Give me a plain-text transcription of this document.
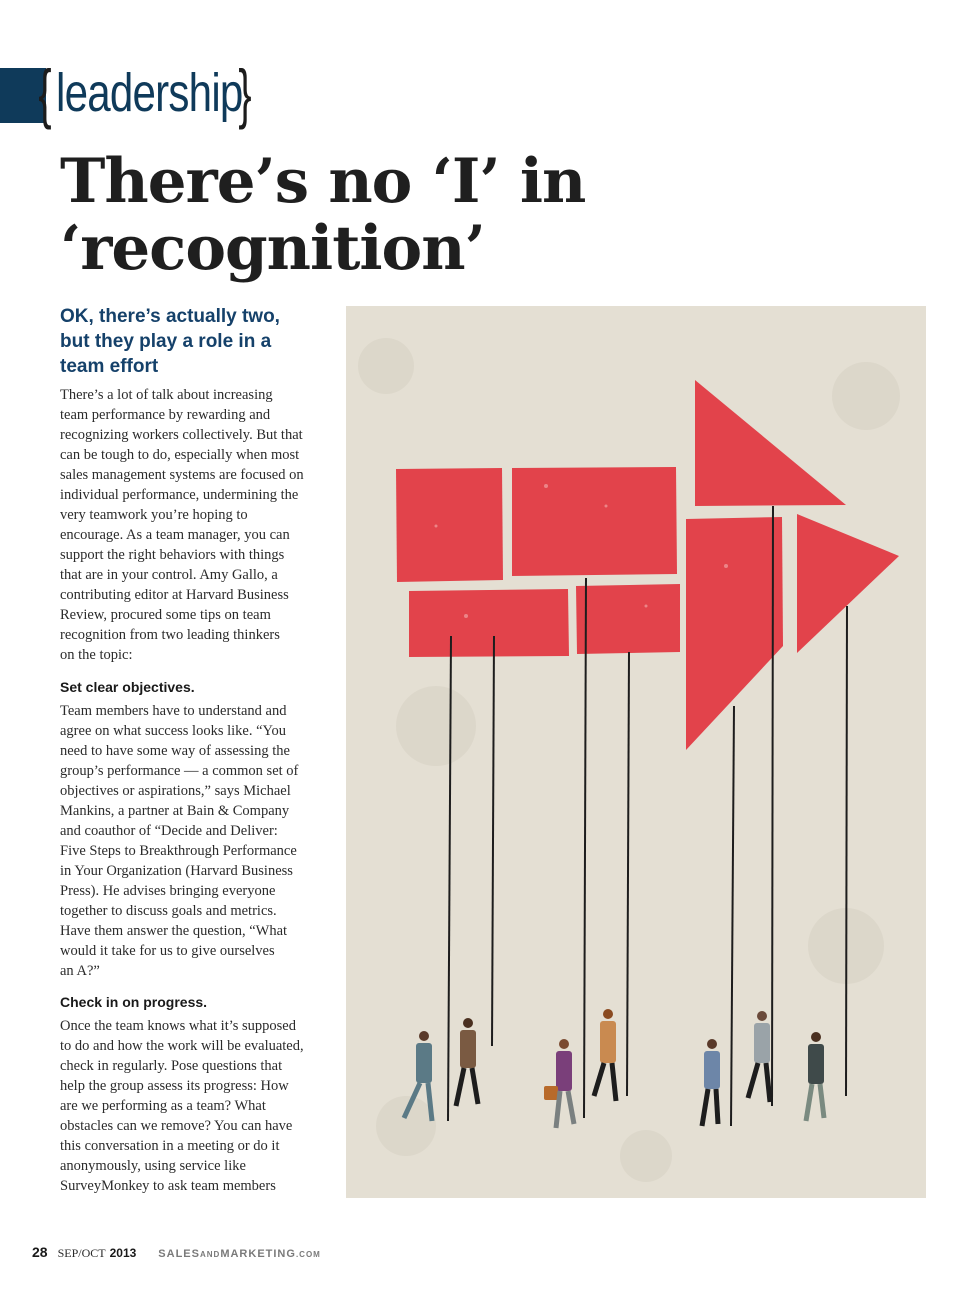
{ leadership
}
There’s no ‘I’ in
‘recognition’
OK, there’s actually two,
but they play a role in a
team effort
There’s a lot of talk about increasing
team performance by rewarding and
recognizing workers collectively. But that
can be tough to do, especially when most
sales management systems are focused on
individual performance, undermining the
very teamwork you’re hoping to
encourage. As a team manager, you can
support the right behaviors with things
that are in your control. Amy Gallo, a
contributing editor at Harvard Business
Review, procured some tips on team
recognition from two leading thinkers
on the topic:
Set clear objectives.
Team members have to understand and
agree on what success looks like. “You
need to have some way of assessing the
group’s performance — a common set of
objectives or aspirations,” says Michael
Mankins, a partner at Bain & Company
and coauthor of “Decide and Deliver:
Five Steps to Breakthrough Performance
in Your Organization (Harvard Business
Press). He advises bringing everyone
together to discuss goals and metrics.
Have them answer the question, “What
would it take for us to give ourselves
an A?”
Check in on progress.
Once the team knows what it’s supposed
to do and how the work will be evaluated,
check in regularly. Pose questions that
help the group assess its progress: How
are we performing as a team? What
obstacles can we remove? You can have
this conversation in a meeting or do it
anonymously, using service like
SurveyMonkey to ask team members
28 SEP/OCT 2013 SALESANDMARKETING.COM
